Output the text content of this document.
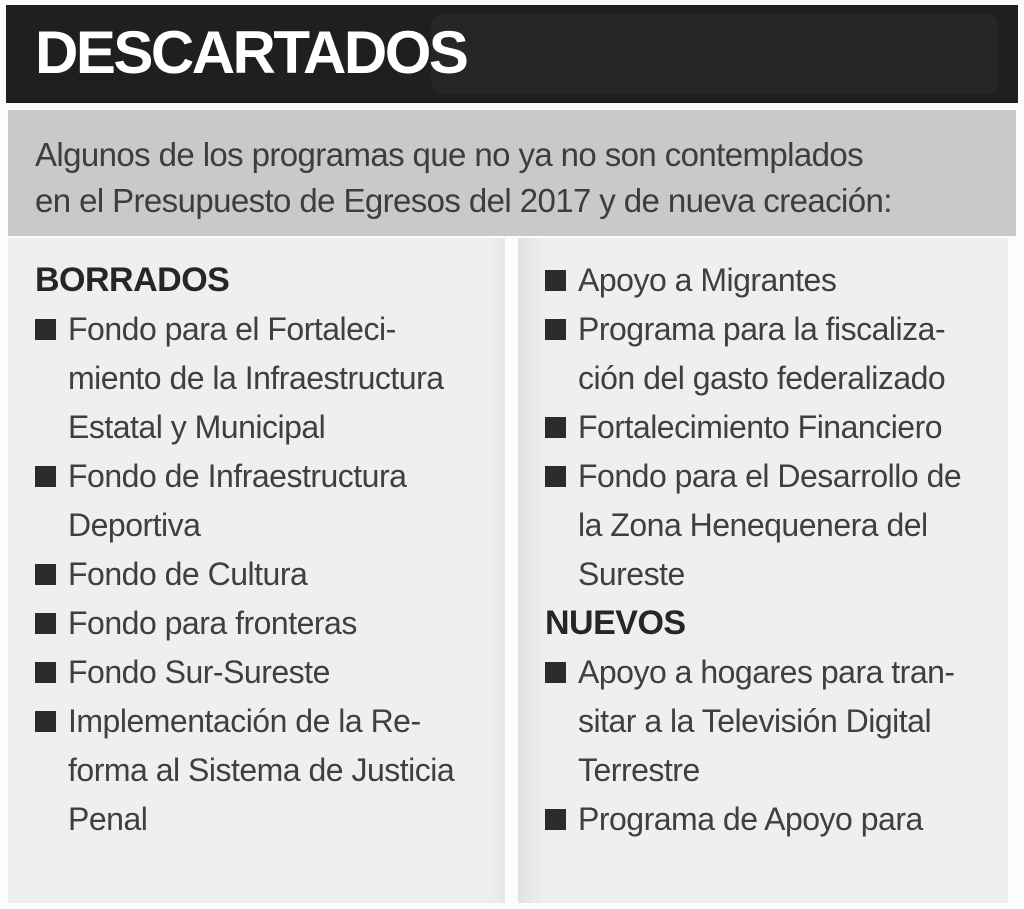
DESCARTADOS
Algunos de los programas que no ya no son contemplados
en el Presupuesto de Egresos del 2017 y de nueva creación:
BORRADOS
Fondo para el Fortaleci-
miento de la Infraestructura
Estatal y Municipal
Fondo de Infraestructura
Deportiva
Fondo de Cultura
Fondo para fronteras
Fondo Sur-Sureste
Implementación de la Re-
forma al Sistema de Justicia
Penal
Apoyo a Migrantes
Programa para la fiscaliza-
ción del gasto federalizado
Fortalecimiento Financiero
Fondo para el Desarrollo de
la Zona Henequenera del
Sureste
NUEVOS
Apoyo a hogares para tran-
sitar a la Televisión Digital
Terrestre
Programa de Apoyo para
